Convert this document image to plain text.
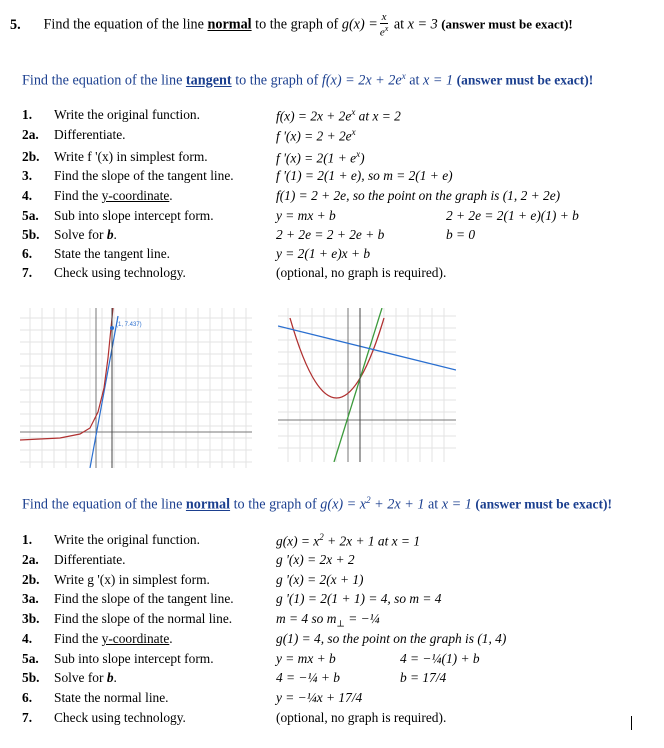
5. Find the equation of the line normal to the graph of $g(x) = \frac{x}{e^x}$ at x = 3 (answer must be exact)!
Find the equation of the line tangent to the graph of $f(x) = 2x + 2e^x$ at x = 1 (answer must be exact)!
1. Write the original function.	$f(x) = 2x + 2e^x$ at x = 2
2a. Differentiate.	f '$(x) = 2 + 2e^x$
2b. Write f '(x) in simplest form.	f '$(x) = 2(1 + e^x)$
3. Find the slope of the tangent line.	f '(1) = 2(1 + e), so m = 2(1 + e)
4. Find the y-coordinate.	f(1) = 2 + 2e, so the point on the graph is (1, 2 + 2e)
5a. Sub into slope intercept form.	y = mx + b	2 + 2e = 2(1 + e)(1) + b
5b. Solve for b.	2 + 2e = 2 + 2e + b	b = 0
6. State the tangent line.	y = 2(1 + e)x + b
7. Check using technology.	(optional, no graph is required).
(1, 7.437)
Find the equation of the line normal to the graph of $g(x) = x^2 + 2x + 1$ at x = 1 (answer must be exact)!
1. Write the original function.	$g(x) = x^2 + 2x + 1$ at x = 1
2a. Differentiate.	g '(x) = 2x + 2
2b. Write g '(x) in simplest form.	g '(x) = 2(x + 1)
3a. Find the slope of the tangent line.	g '(1) = 2(1 + 1) = 4, so m = 4
3b. Find the slope of the normal line.	m = 4 so $m_\perp$ = −¼
4. Find the y-coordinate.	g(1) = 4, so the point on the graph is (1, 4)
5a. Sub into slope intercept form.	y = mx + b	4 = −¼(1) + b
5b. Solve for b.	4 = −¼ + b	b = 17/4
6. State the normal line.	y = −¼x + 17/4
7. Check using technology.	(optional, no graph is required).
